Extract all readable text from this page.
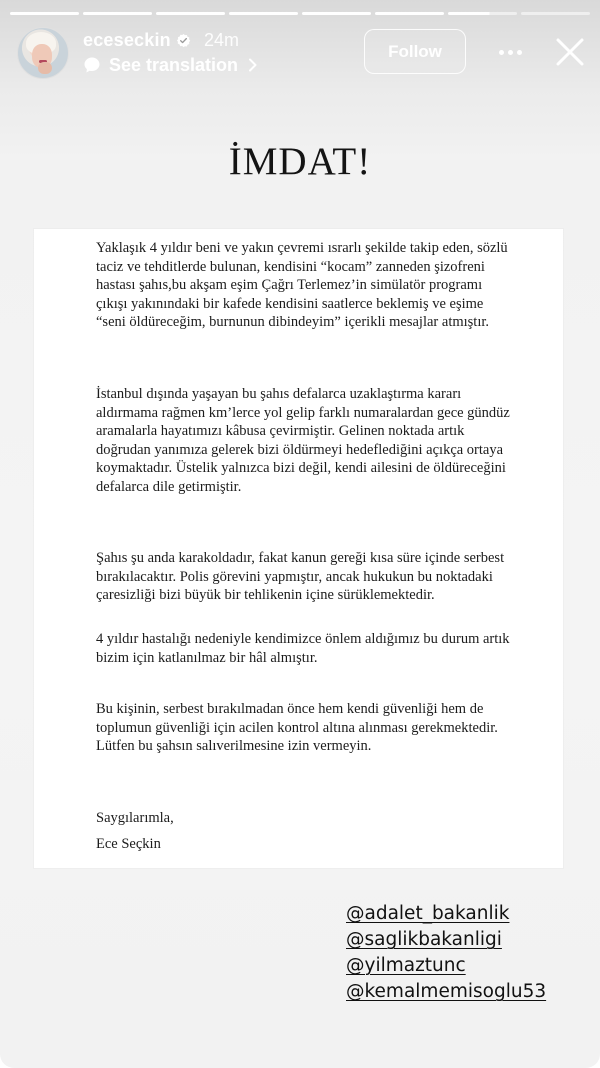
eceseckin 24m
See translation
Follow
İMDAT!

Yaklaşık 4 yıldır beni ve yakın çevremi ısrarlı şekilde takip eden, sözlü taciz ve tehditlerde bulunan, kendisini “kocam” zanneden şizofreni hastası şahıs,bu akşam eşim Çağrı Terlemez’in simülatör programı çıkışı yakınındaki bir kafede kendisini saatlerce beklemiş ve eşime “seni öldüreceğim, burnunun dibindeyim” içerikli mesajlar atmıştır.

İstanbul dışında yaşayan bu şahıs defalarca uzaklaştırma kararı aldırmama rağmen km’lerce yol gelip farklı numaralardan gece gündüz aramalarla hayatımızı kâbusa çevirmiştir. Gelinen noktada artık doğrudan yanımıza gelerek bizi öldürmeyi hedeflediğini açıkça ortaya koymaktadır. Üstelik yalnızca bizi değil, kendi ailesini de öldüreceğini defalarca dile getirmiştir.

Şahıs şu anda karakoldadır, fakat kanun gereği kısa süre içinde serbest bırakılacaktır. Polis görevini yapmıştır, ancak hukukun bu noktadaki çaresizliği bizi büyük bir tehlikenin içine sürüklemektedir.

4 yıldır hastalığı nedeniyle kendimizce önlem aldığımız bu durum artık bizim için katlanılmaz bir hâl almıştır.

Bu kişinin, serbest bırakılmadan önce hem kendi güvenliği hem de toplumun güvenliği için acilen kontrol altına alınması gerekmektedir. Lütfen bu şahsın salıverilmesine izin vermeyin.

Saygılarımla,

Ece Seçkin

@adalet_bakanlik
@saglikbakanligi
@yilmaztunc
@kemalmemisoglu53
